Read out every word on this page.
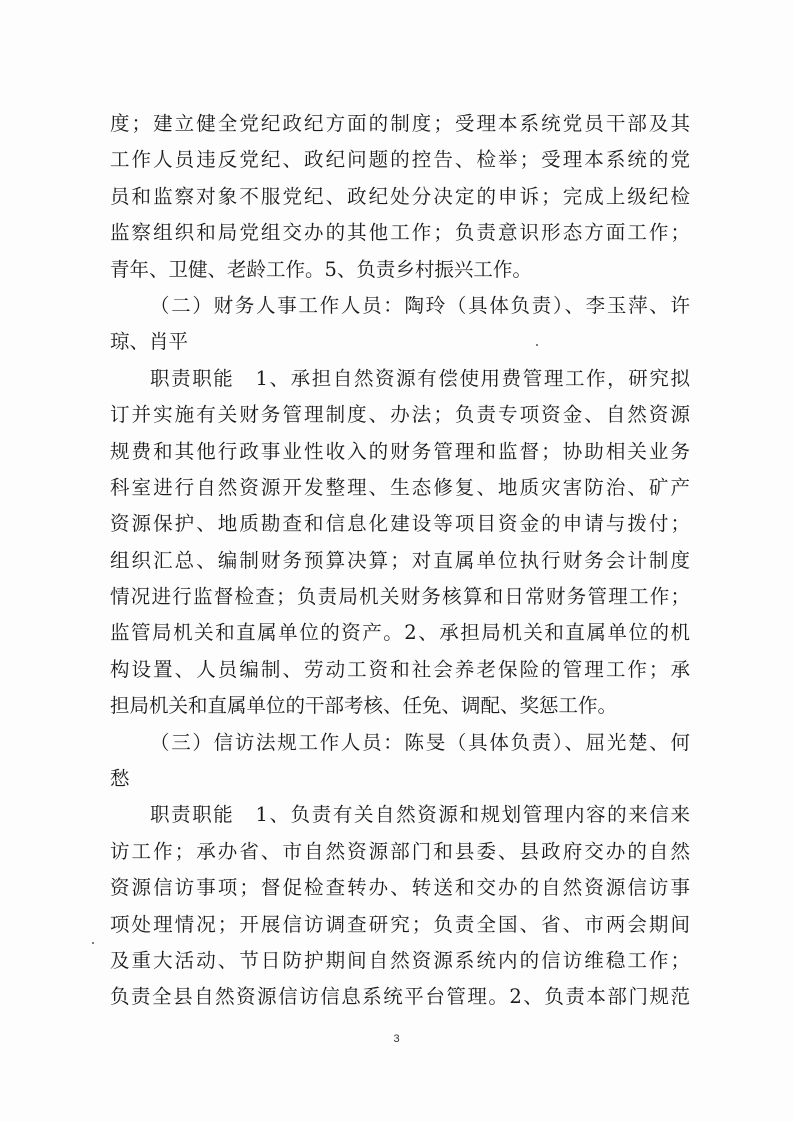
度；建立健全党纪政纪方面的制度；受理本系统党员干部及其
工作人员违反党纪、政纪问题的控告、检举；受理本系统的党
员和监察对象不服党纪、政纪处分决定的申诉；完成上级纪检
监察组织和局党组交办的其他工作；负责意识形态方面工作；
青年、卫健、老龄工作。5、负责乡村振兴工作。
（二）财务人事工作人员：陶玲（具体负责）、李玉萍、许
琼、肖平
职责职能　1、承担自然资源有偿使用费管理工作，研究拟
订并实施有关财务管理制度、办法；负责专项资金、自然资源
规费和其他行政事业性收入的财务管理和监督；协助相关业务
科室进行自然资源开发整理、生态修复、地质灾害防治、矿产
资源保护、地质勘查和信息化建设等项目资金的申请与拨付；
组织汇总、编制财务预算决算；对直属单位执行财务会计制度
情况进行监督检查；负责局机关财务核算和日常财务管理工作；
监管局机关和直属单位的资产。2、承担局机关和直属单位的机
构设置、人员编制、劳动工资和社会养老保险的管理工作；承
担局机关和直属单位的干部考核、任免、调配、奖惩工作。
（三）信访法规工作人员：陈旻（具体负责）、屈光楚、何
愁
职责职能　1、负责有关自然资源和规划管理内容的来信来
访工作；承办省、市自然资源部门和县委、县政府交办的自然
资源信访事项；督促检查转办、转送和交办的自然资源信访事
项处理情况；开展信访调查研究；负责全国、省、市两会期间
及重大活动、节日防护期间自然资源系统内的信访维稳工作；
负责全县自然资源信访信息系统平台管理。2、负责本部门规范
3
